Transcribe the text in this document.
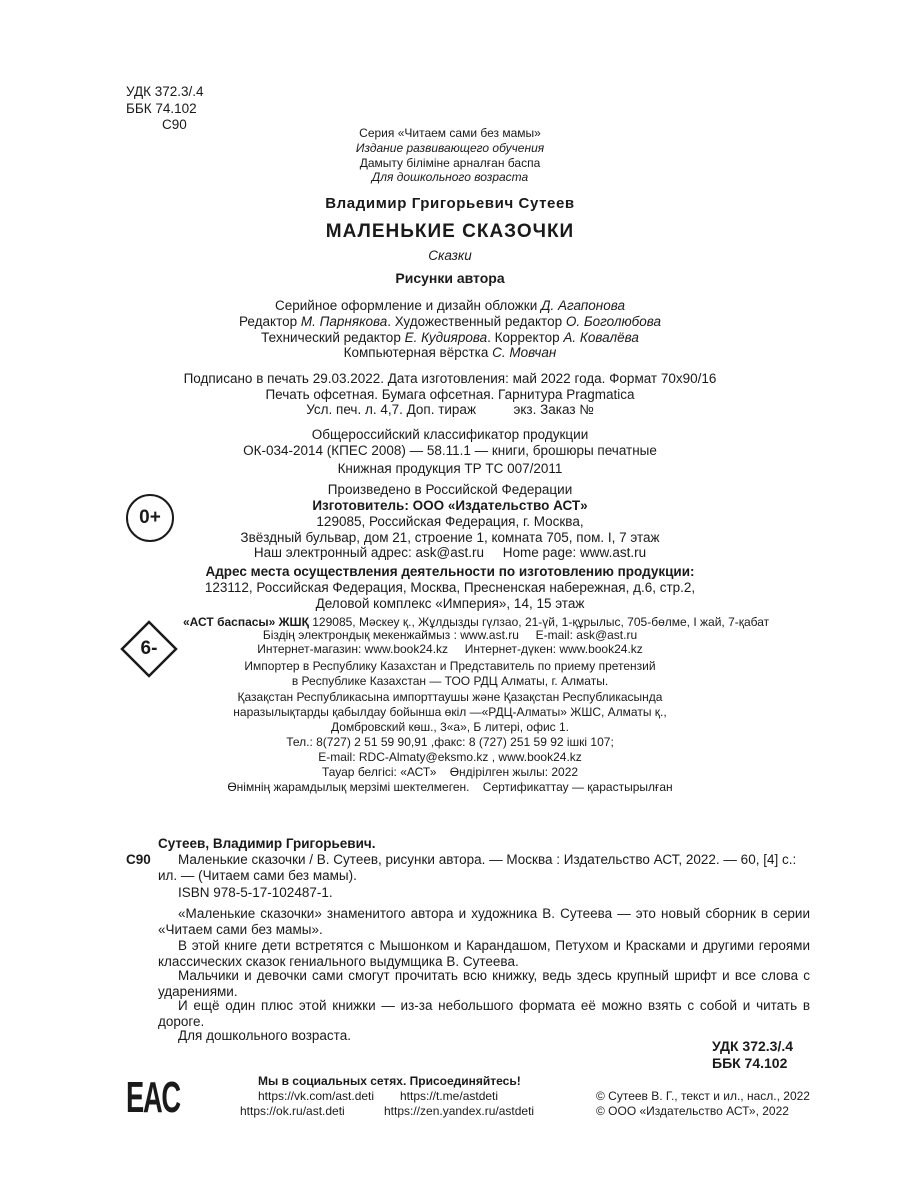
УДК 372.3/.4
ББК 74.102
С90
Серия «Читаем сами без мамы»
Издание развивающего обучения
Дамыту біліміне арналған баспа
Для дошкольного возраста
Владимир Григорьевич Сутеев
МАЛЕНЬКИЕ СКАЗОЧКИ
Сказки
Рисунки автора
Серийное оформление и дизайн обложки Д. Агапонова
Редактор М. Парнякова. Художественный редактор О. Боголюбова
Технический редактор Е. Кудиярова. Корректор А. Ковалёва
Компьютерная вёрстка С. Мовчан
Подписано в печать 29.03.2022. Дата изготовления: май 2022 года. Формат 70x90/16
Печать офсетная. Бумага офсетная. Гарнитура Pragmatica
Усл. печ. л. 4,7. Доп. тираж          экз. Заказ №
Общероссийский классификатор продукции
ОК-034-2014 (КПЕС 2008) — 58.11.1 — книги, брошюры печатные
Книжная продукция ТР ТС 007/2011
Произведено в Российской Федерации
0+
6-
Изготовитель: ООО «Издательство АСТ»
129085, Российская Федерация, г. Москва,
Звёздный бульвар, дом 21, строение 1, комната 705, пом. I, 7 этаж
Наш электронный адрес: ask@ast.ru     Home page: www.ast.ru
Адрес места осуществления деятельности по изготовлению продукции:
123112, Российская Федерация, Москва, Пресненская набережная, д.6, стр.2,
Деловой комплекс «Империя», 14, 15 этаж
«АСТ баспасы» ЖШҚ 129085, Мәскеу қ., Жұлдызды гүлзао, 21-үй, 1-құрылыс, 705-бөлме, I жай, 7-қабат
Біздің электрондық мекенжаймыз : www.ast.ru     E-mail: ask@ast.ru
Интернет-магазин: www.book24.kz     Интернет-дүкен: www.book24.kz
Импортер в Республику Казахстан и Представитель по приему претензий
в Республике Казахстан — ТОО РДЦ Алматы, г. Алматы.
Қазақстан Республикасына импорттаушы және Қазақстан Республикасында
наразылықтарды қабылдау бойынша өкіл —«РДЦ-Алматы» ЖШС, Алматы қ.,
Домбровский көш., 3«а», Б литері, офис 1.
Тел.: 8(727) 2 51 59 90,91 ,факс: 8 (727) 251 59 92 ішкі 107;
E-mail: RDC-Almaty@eksmo.kz , www.book24.kz
Тауар белгісі: «АСТ»    Өндірілген жылы: 2022
Өнімнің жарамдылық мерзімі шектелмеген.    Сертификаттау — қарастырылған
Сутеев, Владимир Григорьевич.
С90 Маленькие сказочки / В. Сутеев, рисунки автора. — Москва : Издательство АСТ, 2022. — 60, [4] с.:
ил. — (Читаем сами без мамы).
ISBN 978-5-17-102487-1.
«Маленькие сказочки» знаменитого автора и художника В. Сутеева — это новый сборник в серии «Читаем сами без мамы».
В этой книге дети встретятся с Мышонком и Карандашом, Петухом и Красками и другими героями классических сказок гениального выдумщика В. Сутеева.
Мальчики и девочки сами смогут прочитать всю книжку, ведь здесь крупный шрифт и все слова с ударениями.
И ещё один плюс этой книжки — из-за небольшого формата её можно взять с собой и читать в дороге.
Для дошкольного возраста.
УДК 372.3/.4
ББК 74.102
EAC	Мы в социальных сетях. Присоединяйтесь!
https://vk.com/ast.deti https://t.me/astdeti
https://ok.ru/ast.deti	https://zen.yandex.ru/astdeti
© Сутеев В. Г., текст и ил., насл., 2022
© ООО «Издательство АСТ», 2022
